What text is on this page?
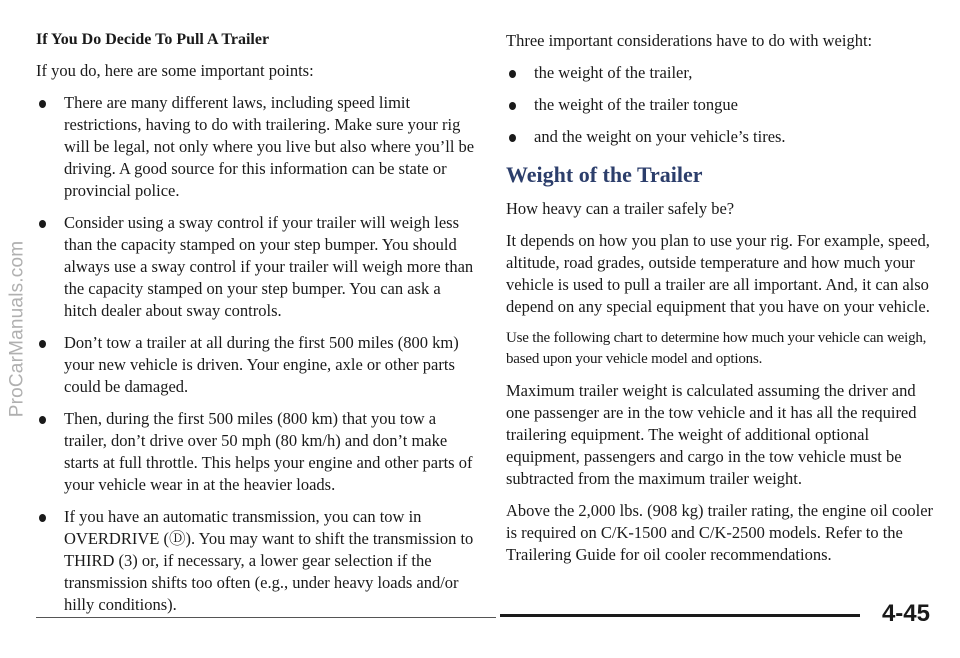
ProCarManuals.com
If You Do Decide To Pull A Trailer

If you do, here are some important points:

There are many different laws, including speed limit restrictions, having to do with trailering. Make sure your rig will be legal, not only where you live but also where you’ll be driving. A good source for this information can be state or provincial police.
Consider using a sway control if your trailer will weigh less than the capacity stamped on your step bumper. You should always use a sway control if your trailer will weigh more than the capacity stamped on your step bumper. You can ask a hitch dealer about sway controls.
Don’t tow a trailer at all during the first 500 miles (800 km) your new vehicle is driven. Your engine, axle or other parts could be damaged.
Then, during the first 500 miles (800 km) that you tow a trailer, don’t drive over 50 mph (80 km/h) and don’t make starts at full throttle. This helps your engine and other parts of your vehicle wear in at the heavier loads.
If you have an automatic transmission, you can tow in OVERDRIVE (Ⓓ). You may want to shift the transmission to THIRD (3) or, if necessary, a lower gear selection if the transmission shifts too often (e.g., under heavy loads and/or hilly conditions).

Three important considerations have to do with weight:

the weight of the trailer,
the weight of the trailer tongue
and the weight on your vehicle’s tires.
Weight of the Trailer

How heavy can a trailer safely be?

It depends on how you plan to use your rig. For example, speed, altitude, road grades, outside temperature and how much your vehicle is used to pull a trailer are all important. And, it can also depend on any special equipment that you have on your vehicle.

Use the following chart to determine how much your vehicle can weigh, based upon your vehicle model and options.

Maximum trailer weight is calculated assuming the driver and one passenger are in the tow vehicle and it has all the required trailering equipment. The weight of additional optional equipment, passengers and cargo in the tow vehicle must be subtracted from the maximum trailer weight.

Above the 2,000 lbs. (908 kg) trailer rating, the engine oil cooler is required on C/K-1500 and C/K-2500 models. Refer to the Trailering Guide for oil cooler recommendations.

4-45
